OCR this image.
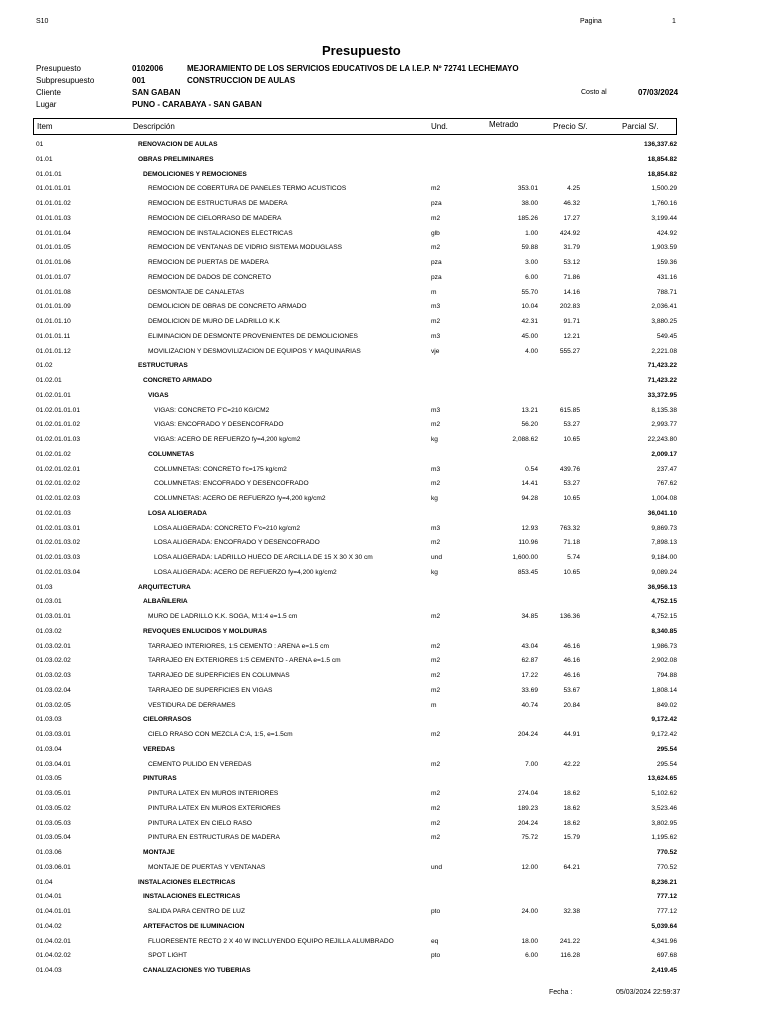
S10	Pagina	1
Presupuesto
Presupuesto	0102006	MEJORAMIENTO DE LOS SERVICIOS EDUCATIVOS DE LA I.E.P. Nº 72741 LECHEMAYO
Subpresupuesto	001	CONSTRUCCION DE AULAS
Cliente	SAN GABAN	Costo al	07/03/2024
Lugar	PUNO - CARABAYA - SAN GABAN
Item	Descripción	Und.	Metrado	Precio S/.	Parcial S/.
01	RENOVACION DE AULAS	136,337.62
01.01	OBRAS PRELIMINARES	18,854.82
01.01.01	DEMOLICIONES Y REMOCIONES	18,854.82
01.01.01.01	REMOCION DE COBERTURA DE PANELES TERMO ACUSTICOS	m2	353.01	4.25	1,500.29
01.01.01.02	REMOCION DE ESTRUCTURAS DE MADERA	pza	38.00	46.32	1,760.16
01.01.01.03	REMOCION DE CIELORRASO DE MADERA	m2	185.26	17.27	3,199.44
01.01.01.04	REMOCION DE INSTALACIONES ELECTRICAS	glb	1.00	424.92	424.92
01.01.01.05	REMOCION DE VENTANAS DE VIDRIO SISTEMA MODUGLASS	m2	59.88	31.79	1,903.59
01.01.01.06	REMOCION DE PUERTAS DE MADERA	pza	3.00	53.12	159.36
01.01.01.07	REMOCION DE DADOS DE CONCRETO	pza	6.00	71.86	431.16
01.01.01.08	DESMONTAJE DE CANALETAS	m	55.70	14.16	788.71
01.01.01.09	DEMOLICION DE OBRAS DE CONCRETO ARMADO	m3	10.04	202.83	2,036.41
01.01.01.10	DEMOLICION DE MURO DE LADRILLO K.K	m2	42.31	91.71	3,880.25
01.01.01.11	ELIMINACION DE DESMONTE PROVENIENTES DE DEMOLICIONES	m3	45.00	12.21	549.45
01.01.01.12	MOVILIZACION Y DESMOVILIZACION DE EQUIPOS Y MAQUINARIAS	vje	4.00	555.27	2,221.08
01.02	ESTRUCTURAS	71,423.22
01.02.01	CONCRETO ARMADO	71,423.22
01.02.01.01	VIGAS	33,372.95
01.02.01.01.01	VIGAS: CONCRETO F'C=210 KG/CM2	m3	13.21	615.85	8,135.38
01.02.01.01.02	VIGAS: ENCOFRADO Y DESENCOFRADO	m2	56.20	53.27	2,993.77
01.02.01.01.03	VIGAS: ACERO DE REFUERZO fy=4,200 kg/cm2	kg	2,088.62	10.65	22,243.80
01.02.01.02	COLUMNETAS	2,009.17
01.02.01.02.01	COLUMNETAS: CONCRETO f'c=175 kg/cm2	m3	0.54	439.76	237.47
01.02.01.02.02	COLUMNETAS: ENCOFRADO Y DESENCOFRADO	m2	14.41	53.27	767.62
01.02.01.02.03	COLUMNETAS: ACERO DE REFUERZO fy=4,200 kg/cm2	kg	94.28	10.65	1,004.08
01.02.01.03	LOSA ALIGERADA	36,041.10
01.02.01.03.01	LOSA ALIGERADA: CONCRETO F'c=210 kg/cm2	m3	12.93	763.32	9,869.73
01.02.01.03.02	LOSA ALIGERADA: ENCOFRADO Y DESENCOFRADO	m2	110.96	71.18	7,898.13
01.02.01.03.03	LOSA ALIGERADA: LADRILLO HUECO DE ARCILLA DE 15 X 30 X 30 cm	und	1,600.00	5.74	9,184.00
01.02.01.03.04	LOSA ALIGERADA: ACERO DE REFUERZO fy=4,200 kg/cm2	kg	853.45	10.65	9,089.24
01.03	ARQUITECTURA	36,956.13
01.03.01	ALBAÑILERIA	4,752.15
01.03.01.01	MURO DE LADRILLO K.K. SOGA, M:1:4 e=1.5 cm	m2	34.85	136.36	4,752.15
01.03.02	REVOQUES ENLUCIDOS Y MOLDURAS	8,340.85
01.03.02.01	TARRAJEO INTERIORES, 1:5 CEMENTO : ARENA e=1.5 cm	m2	43.04	46.16	1,986.73
01.03.02.02	TARRAJEO EN EXTERIORES 1:5 CEMENTO - ARENA e=1.5 cm	m2	62.87	46.16	2,902.08
01.03.02.03	TARRAJEO DE SUPERFICIES EN COLUMNAS	m2	17.22	46.16	794.88
01.03.02.04	TARRAJEO DE SUPERFICIES EN VIGAS	m2	33.69	53.67	1,808.14
01.03.02.05	VESTIDURA DE DERRAMES	m	40.74	20.84	849.02
01.03.03	CIELORRASOS	9,172.42
01.03.03.01	CIELO RRASO CON MEZCLA C:A, 1:5, e=1.5cm	m2	204.24	44.91	9,172.42
01.03.04	VEREDAS	295.54
01.03.04.01	CEMENTO PULIDO EN VEREDAS	m2	7.00	42.22	295.54
01.03.05	PINTURAS	13,624.65
01.03.05.01	PINTURA LATEX EN MUROS INTERIORES	m2	274.04	18.62	5,102.62
01.03.05.02	PINTURA LATEX EN MUROS EXTERIORES	m2	189.23	18.62	3,523.46
01.03.05.03	PINTURA LATEX EN CIELO RASO	m2	204.24	18.62	3,802.95
01.03.05.04	PINTURA EN ESTRUCTURAS DE MADERA	m2	75.72	15.79	1,195.62
01.03.06	MONTAJE	770.52
01.03.06.01	MONTAJE DE PUERTAS Y VENTANAS	und	12.00	64.21	770.52
01.04	INSTALACIONES ELECTRICAS	8,236.21
01.04.01	INSTALACIONES ELECTRICAS	777.12
01.04.01.01	SALIDA PARA CENTRO DE LUZ	pto	24.00	32.38	777.12
01.04.02	ARTEFACTOS DE ILUMINACION	5,039.64
01.04.02.01	FLUORESENTE RECTO 2 X 40 W INCLUYENDO EQUIPO REJILLA ALUMBRADO	eq	18.00	241.22	4,341.96
01.04.02.02	SPOT LIGHT	pto	6.00	116.28	697.68
01.04.03	CANALIZACIONES Y/O TUBERIAS	2,419.45
Fecha :	05/03/2024 22:59:37
